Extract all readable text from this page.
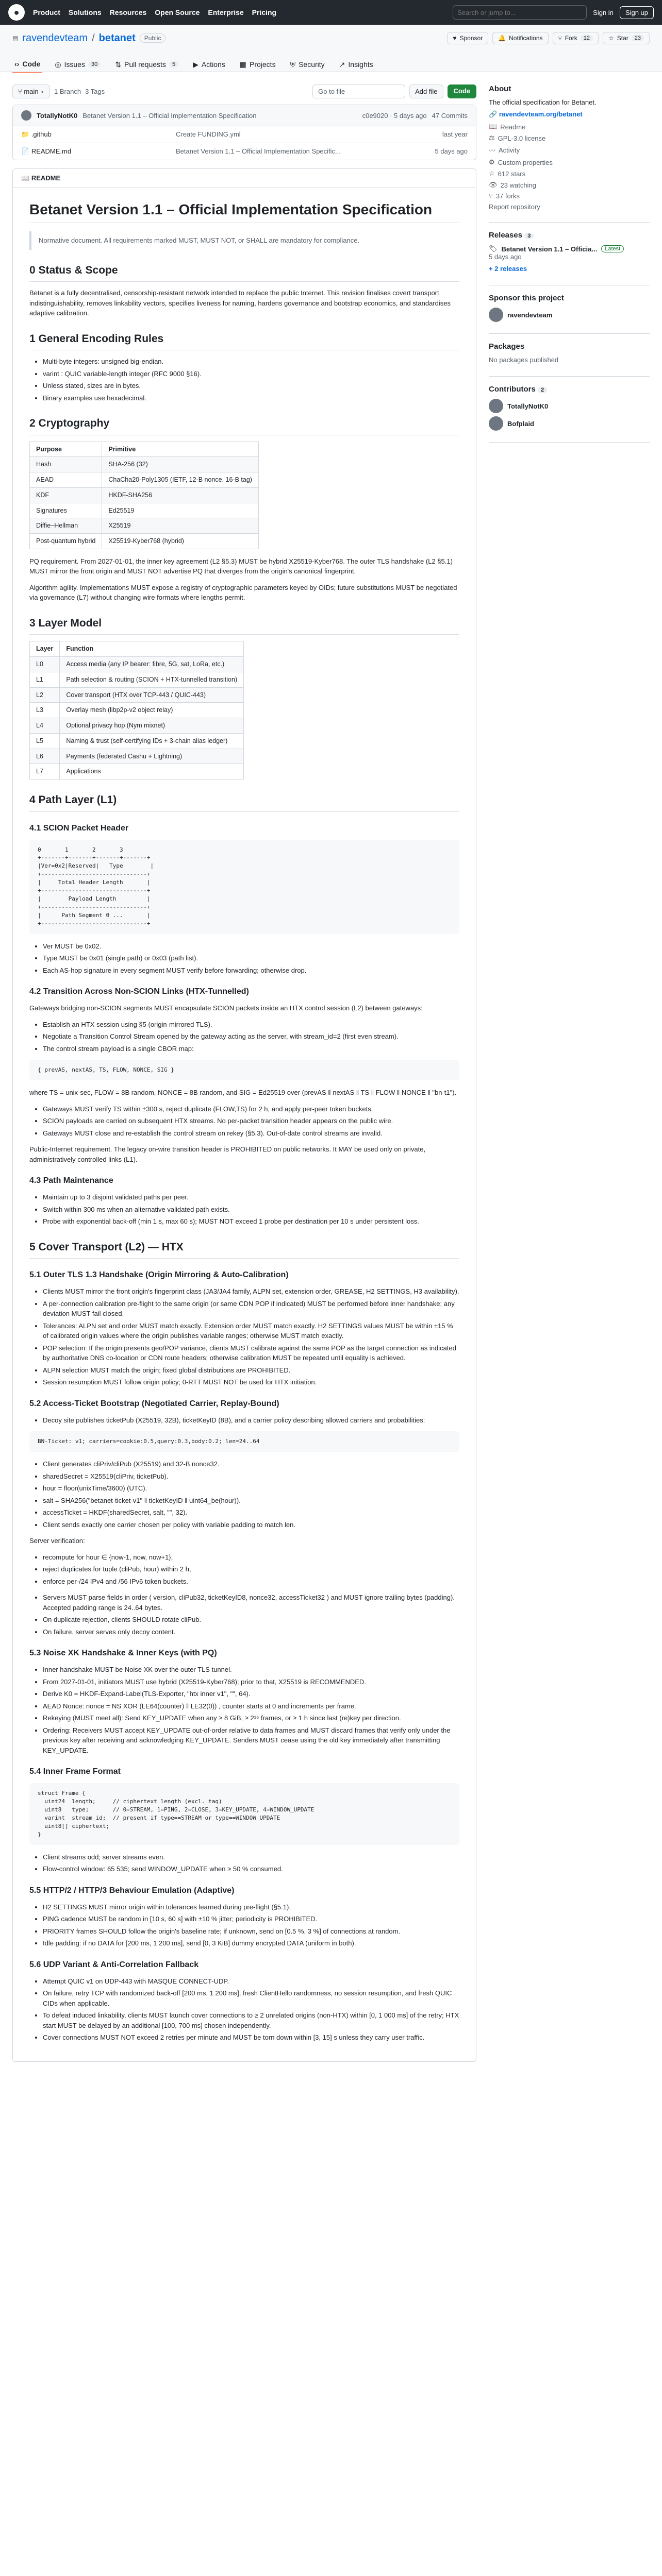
●	Product Solutions Resources Open Source Enterprise Pricing
Search or jump to...	Sign in	Sign up
▤ ravendevteam / betanet	Public	♥ Sponsor	🔔 Notifications	⑂ Fork	12	☆ Star	23
‹› Code ◎ Issues	30	⇅ Pull requests	5	▶ Actions ▦ Projects ⛨ Security ↗ Insights
⑂ main ▾	1 Branch 3 Tags	Go to file	Add file	Code
TotallyNotK0 Betanet Version 1.1 – Official Implementation Specification	c0e9020 · 5 days ago 47 Commits
📁 .github	Create FUNDING.yml	last year
📄 README.md	Betanet Version 1.1 – Official Implementation Specific...	5 days ago
📖 README
Betanet Version 1.1 – Official Implementation Specification
Normative document. All requirements marked MUST, MUST NOT, or SHALL are mandatory for compliance.
0 Status & Scope

Betanet is a fully decentralised, censorship-resistant network intended to replace the public Internet. This revision finalises covert transport indistinguishability, removes linkability vectors, specifies liveness for naming, hardens governance and bootstrap economics, and standardises adaptive calibration.

1 General Encoding Rules
• Multi-byte integers: unsigned big-endian.
• varint : QUIC variable-length integer (RFC 9000 §16).
• Unless stated, sizes are in bytes.
• Binary examples use hexadecimal.
2 Cryptography
Purpose	Primitive
Hash	SHA-256 (32)
AEAD	ChaCha20-Poly1305 (IETF, 12-B nonce, 16-B tag)
KDF	HKDF-SHA256
Signatures	Ed25519
Diffie–Hellman	X25519
Post-quantum hybrid	X25519-Kyber768 (hybrid)

PQ requirement. From 2027-01-01, the inner key agreement (L2 §5.3) MUST be hybrid X25519-Kyber768. The outer TLS handshake (L2 §5.1) MUST mirror the front origin and MUST NOT advertise PQ that diverges from the origin's canonical fingerprint.

Algorithm agility. Implementations MUST expose a registry of cryptographic parameters keyed by OIDs; future substitutions MUST be negotiated via governance (L7) without changing wire formats where lengths permit.

3 Layer Model
Layer	Function
L0	Access media (any IP bearer: fibre, 5G, sat, LoRa, etc.)
L1	Path selection & routing (SCION + HTX-tunnelled transition)
L2	Cover transport (HTX over TCP-443 / QUIC-443)
L3	Overlay mesh (libp2p-v2 object relay)
L4	Optional privacy hop (Nym mixnet)
L5	Naming & trust (self-certifying IDs + 3-chain alias ledger)
L6	Payments (federated Cashu + Lightning)
L7	Applications
4 Path Layer (L1)
4.1 SCION Packet Header
0       1       2       3
+-------+-------+-------+-------+
|Ver=0x2|Reserved|   Type        |
+-------------------------------+
|     Total Header Length       |
+-------------------------------+
|        Payload Length         |
+-------------------------------+
|      Path Segment 0 ...       |
+-------------------------------+
• Ver MUST be 0x02.
• Type MUST be 0x01 (single path) or 0x03 (path list).
• Each AS-hop signature in every segment MUST verify before forwarding; otherwise drop.
4.2 Transition Across Non-SCION Links (HTX-Tunnelled)

Gateways bridging non-SCION segments MUST encapsulate SCION packets inside an HTX control session (L2) between gateways:

• Establish an HTX session using §5 (origin-mirrored TLS).
• Negotiate a Transition Control Stream opened by the gateway acting as the server, with stream_id=2 (first even stream).
• The control stream payload is a single CBOR map:
{ prevAS, nextAS, TS, FLOW, NONCE, SIG }

where TS = unix-sec, FLOW = 8B random, NONCE = 8B random, and SIG = Ed25519 over (prevAS ‖ nextAS ‖ TS ‖ FLOW ‖ NONCE ‖ "bn-t1").

• Gateways MUST verify TS within ±300 s, reject duplicate (FLOW,TS) for 2 h, and apply per-peer token buckets.
• SCION payloads are carried on subsequent HTX streams. No per-packet transition header appears on the public wire.
• Gateways MUST close and re-establish the control stream on rekey (§5.3). Out-of-date control streams are invalid.

Public-Internet requirement. The legacy on-wire transition header is PROHIBITED on public networks. It MAY be used only on private, administratively controlled links (L1).

4.3 Path Maintenance
• Maintain up to 3 disjoint validated paths per peer.
• Switch within 300 ms when an alternative validated path exists.
• Probe with exponential back-off (min 1 s, max 60 s); MUST NOT exceed 1 probe per destination per 10 s under persistent loss.
5 Cover Transport (L2) — HTX
5.1 Outer TLS 1.3 Handshake (Origin Mirroring & Auto-Calibration)
• Clients MUST mirror the front origin's fingerprint class (JA3/JA4 family, ALPN set, extension order, GREASE, H2 SETTINGS, H3 availability).
• A per-connection calibration pre-flight to the same origin (or same CDN POP if indicated) MUST be performed before inner handshake; any deviation MUST fail closed.
• Tolerances: ALPN set and order MUST match exactly. Extension order MUST match exactly. H2 SETTINGS values MUST be within ±15 % of calibrated origin values where the origin publishes variable ranges; otherwise MUST match exactly.
• POP selection: If the origin presents geo/POP variance, clients MUST calibrate against the same POP as the target connection as indicated by authoritative DNS co-location or CDN route headers; otherwise calibration MUST be repeated until equality is achieved.
• ALPN selection MUST match the origin; fixed global distributions are PROHIBITED.
• Session resumption MUST follow origin policy; 0-RTT MUST NOT be used for HTX initiation.
5.2 Access-Ticket Bootstrap (Negotiated Carrier, Replay-Bound)
• Decoy site publishes ticketPub (X25519, 32B), ticketKeyID (8B), and a carrier policy describing allowed carriers and probabilities:
BN-Ticket: v1; carriers=cookie:0.5,query:0.3,body:0.2; len=24..64
• Client generates cliPriv/cliPub (X25519) and 32-B nonce32.
• sharedSecret = X25519(cliPriv, ticketPub).
• hour = floor(unixTime/3600) (UTC).
• salt = SHA256("betanet-ticket-v1" ‖ ticketKeyID ‖ uint64_be(hour)).
• accessTicket = HKDF(sharedSecret, salt, "", 32).
• Client sends exactly one carrier chosen per policy with variable padding to match len.

Server verification:

• recompute for hour ∈ {now-1, now, now+1},
• reject duplicates for tuple (cliPub, hour) within 2 h,
• enforce per-/24 IPv4 and /56 IPv6 token buckets.
• Servers MUST parse fields in order ( version, cliPub32, ticketKeyID8, nonce32, accessTicket32 ) and MUST ignore trailing bytes (padding). Accepted padding range is 24..64 bytes.
• On duplicate rejection, clients SHOULD rotate cliPub.
• On failure, server serves only decoy content.
5.3 Noise XK Handshake & Inner Keys (with PQ)
• Inner handshake MUST be Noise XK over the outer TLS tunnel.
• From 2027-01-01, initiators MUST use hybrid (X25519-Kyber768); prior to that, X25519 is RECOMMENDED.
• Derive K0 = HKDF-Expand-Label(TLS-Exporter, "htx inner v1", "", 64).
• AEAD Nonce: nonce = NS XOR (LE64(counter) ‖ LE32(0)) , counter starts at 0 and increments per frame.
• Rekeying (MUST meet all): Send KEY_UPDATE when any ≥ 8 GiB, ≥ 2¹⁶ frames, or ≥ 1 h since last (re)key per direction.
• Ordering: Receivers MUST accept KEY_UPDATE out-of-order relative to data frames and MUST discard frames that verify only under the previous key after receiving and acknowledging KEY_UPDATE. Senders MUST cease using the old key immediately after transmitting KEY_UPDATE.
5.4 Inner Frame Format
struct Frame {
uint24  length;     // ciphertext length (excl. tag)
uint8   type;       // 0=STREAM, 1=PING, 2=CLOSE, 3=KEY_UPDATE, 4=WINDOW_UPDATE
varint  stream_id;  // present if type==STREAM or type==WINDOW_UPDATE
uint8[] ciphertext;
}
• Client streams odd; server streams even.
• Flow-control window: 65 535; send WINDOW_UPDATE when ≥ 50 % consumed.
5.5 HTTP/2 / HTTP/3 Behaviour Emulation (Adaptive)
• H2 SETTINGS MUST mirror origin within tolerances learned during pre-flight (§5.1).
• PING cadence MUST be random in [10 s, 60 s] with ±10 % jitter; periodicity is PROHIBITED.
• PRIORITY frames SHOULD follow the origin's baseline rate; if unknown, send on [0.5 %, 3 %] of connections at random.
• Idle padding: if no DATA for [200 ms, 1 200 ms], send [0, 3 KiB] dummy encrypted DATA (uniform in both).
5.6 UDP Variant & Anti-Correlation Fallback
• Attempt QUIC v1 on UDP-443 with MASQUE CONNECT-UDP.
• On failure, retry TCP with randomized back-off [200 ms, 1 200 ms], fresh ClientHello randomness, no session resumption, and fresh QUIC CIDs when applicable.
• To defeat induced linkability, clients MUST launch cover connections to ≥ 2 unrelated origins (non-HTX) within [0, 1 000 ms] of the retry; HTX start MUST be delayed by an additional [100, 700 ms] chosen independently.
• Cover connections MUST NOT exceed 2 retries per minute and MUST be torn down within [3, 15] s unless they carry user traffic.
About

The official specification for Betanet.

🔗 ravendevteam.org/betanet
📖 Readme
⚖ GPL-3.0 license
〰 Activity
⚙ Custom properties
☆ 612 stars
👁 23 watching
⑂ 37 forks
Report repository
Releases 3
🏷 Betanet Version 1.1 – Officia...	Latest

5 days ago

+ 2 releases
Sponsor this project
ravendevteam
Packages

No packages published

Contributors 2
TotallyNotK0
Bofplaid
